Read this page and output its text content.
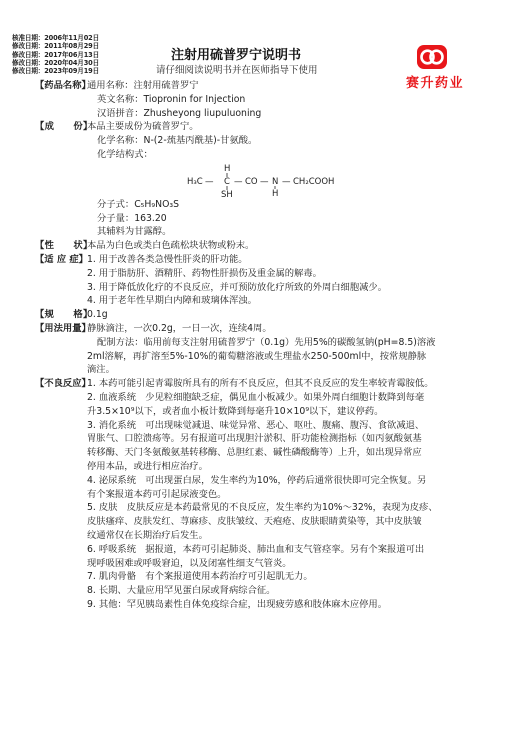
核准日期：2006年11月02日
修改日期：2011年08月29日
修改日期：2017年06月13日
修改日期：2020年04月30日
修改日期：2023年09月19日
注射用硫普罗宁说明书
请仔细阅读说明书并在医师指导下使用
赛升药业
【药品名称】
通用名称：注射用硫普罗宁
英文名称：Tiopronin for Injection
汉语拼音：Zhusheyong liupuluoning
【成　　份】
本品主要成份为硫普罗宁。
化学名称：N-(2-巯基丙酰基)-甘氨酸。
化学结构式：
H
H₃C — C — CO — N — CH₂COOH
SH	H
分子式：C₅H₉NO₃S
分子量：163.20
其辅料为甘露醇。
【性　　状】
本品为白色或类白色疏松块状物或粉末。
【适 应 症】 1. 用于改善各类急慢性肝炎的肝功能。
2. 用于脂肪肝、酒精肝、药物性肝损伤及重金属的解毒。
3. 用于降低放化疗的不良反应，并可预防放化疗所致的外周白细胞减少。
4. 用于老年性早期白内障和玻璃体浑浊。
【规　　格】
0.1g
【用法用量】
静脉滴注，一次0.2g，一日一次，连续4周。
配制方法：临用前每支注射用硫普罗宁（0.1g）先用5%的碳酸氢钠(pH=8.5)溶液
2ml溶解，再扩溶至5%-10%的葡萄糖溶液或生理盐水250-500ml中，按常规静脉
滴注。
【不良反应】
1. 本药可能引起青霉胺所具有的所有不良反应，但其不良反应的发生率较青霉胺低。
2. 血液系统　少见粒细胞缺乏症，偶见血小板减少。如果外周白细胞计数降到每毫
升3.5×10⁹以下，或者血小板计数降到每毫升10×10⁹以下，建议停药。
3. 消化系统　可出现味觉减退、味觉异常、恶心、呕吐、腹痛、腹泻、食欲减退、
胃胀气、口腔溃疡等。另有报道可出现胆汁淤积、肝功能检测指标（如丙氨酸氨基
转移酶、天门冬氨酸氨基转移酶、总胆红素、碱性磷酸酶等）上升，如出现异常应
停用本品，或进行相应治疗。
4. 泌尿系统　可出现蛋白尿，发生率约为10%，停药后通常很快即可完全恢复。另
有个案报道本药可引起尿液变色。
5. 皮肤　皮肤反应是本药最常见的不良反应，发生率约为10%～32%，表现为皮疹、
皮肤瘙痒、皮肤发红、荨麻疹、皮肤皱纹、天疱疮、皮肤眼睛黄染等，其中皮肤皱
纹通常仅在长期治疗后发生。
6. 呼吸系统　据报道，本药可引起肺炎、肺出血和支气管痉挛。另有个案报道可出
现呼吸困难或呼吸窘迫，以及闭塞性细支气管炎。
7. 肌肉骨骼　有个案报道使用本药治疗可引起肌无力。
8. 长期、大量应用罕见蛋白尿或肾病综合征。
9. 其他：罕见胰岛素性自体免疫综合症，出现疲劳感和肢体麻木应停用。
